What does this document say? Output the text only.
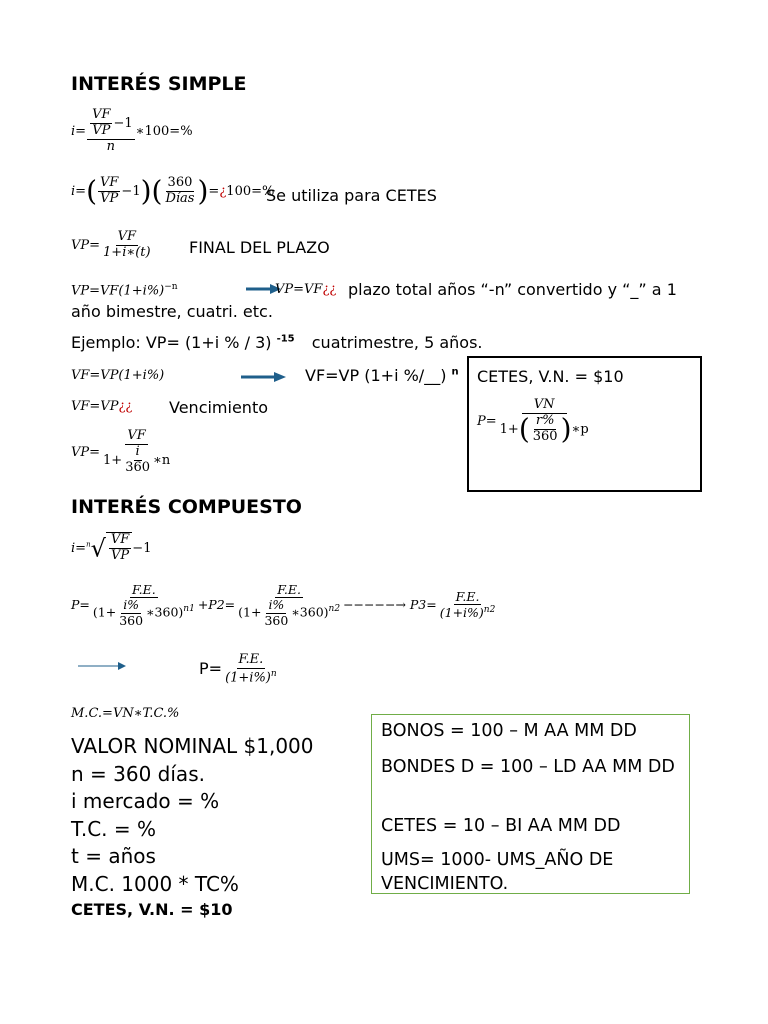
INTERÉS SIMPLE
$i= \frac{\frac{VF}{VP} -1}{n}$ ∗100=%
$i=( \frac{VF}{VP} -1)( \frac{360}{\text{Días}}$ )=¿100=%
Se utiliza para CETES
$VP= \frac{VF}{1+i∗(t)}$ FINAL DEL PLAZO
$VP=VF(1+i\%)^{-n}$	VP=VF¿¿ plazo total años “-n” convertido y “_” a 1
año bimestre, cuatri. etc.
Ejemplo: VP= (1+i % / 3) $^{-15}$ cuatrimestre, 5 años.
VF=VP(1+i%)	VF=VP (1+i %/__) $^n$
VF=VP¿¿ Vencimiento
$VP= \frac{VF}{1+ \frac{i}{360} ∗n}$
CETES, V.N. = $10
$P= \frac{VN}{1+( \frac{r\%}{360} )∗p}$
INTERÉS COMPUESTO
$i=^n√ \frac{VF}{VP} -1$
$P= \frac{F.E.}{(1+ \frac{i\%}{360} ∗360)^{n1}} +P2= \frac{F.E.}{(1+ \frac{i\%}{360} ∗360)^{n2}}$ −−−−−→ $P3= \frac{F.E.}{(1+i\%)^{n2}}$
$P= \frac{F.E.}{(1+i\%)^n}$
M.C.=VN∗T.C.%
VALOR NOMINAL $1,000
n = 360 días.
i mercado = %
T.C. = %
t = años
M.C. 1000 * TC%
CETES, V.N. = $10
BONOS = 100 – M AA MM DD
BONDES D = 100 – LD AA MM DD
CETES = 10 – BI AA MM DD
UMS= 1000- UMS_AÑO DE VENCIMIENTO.
